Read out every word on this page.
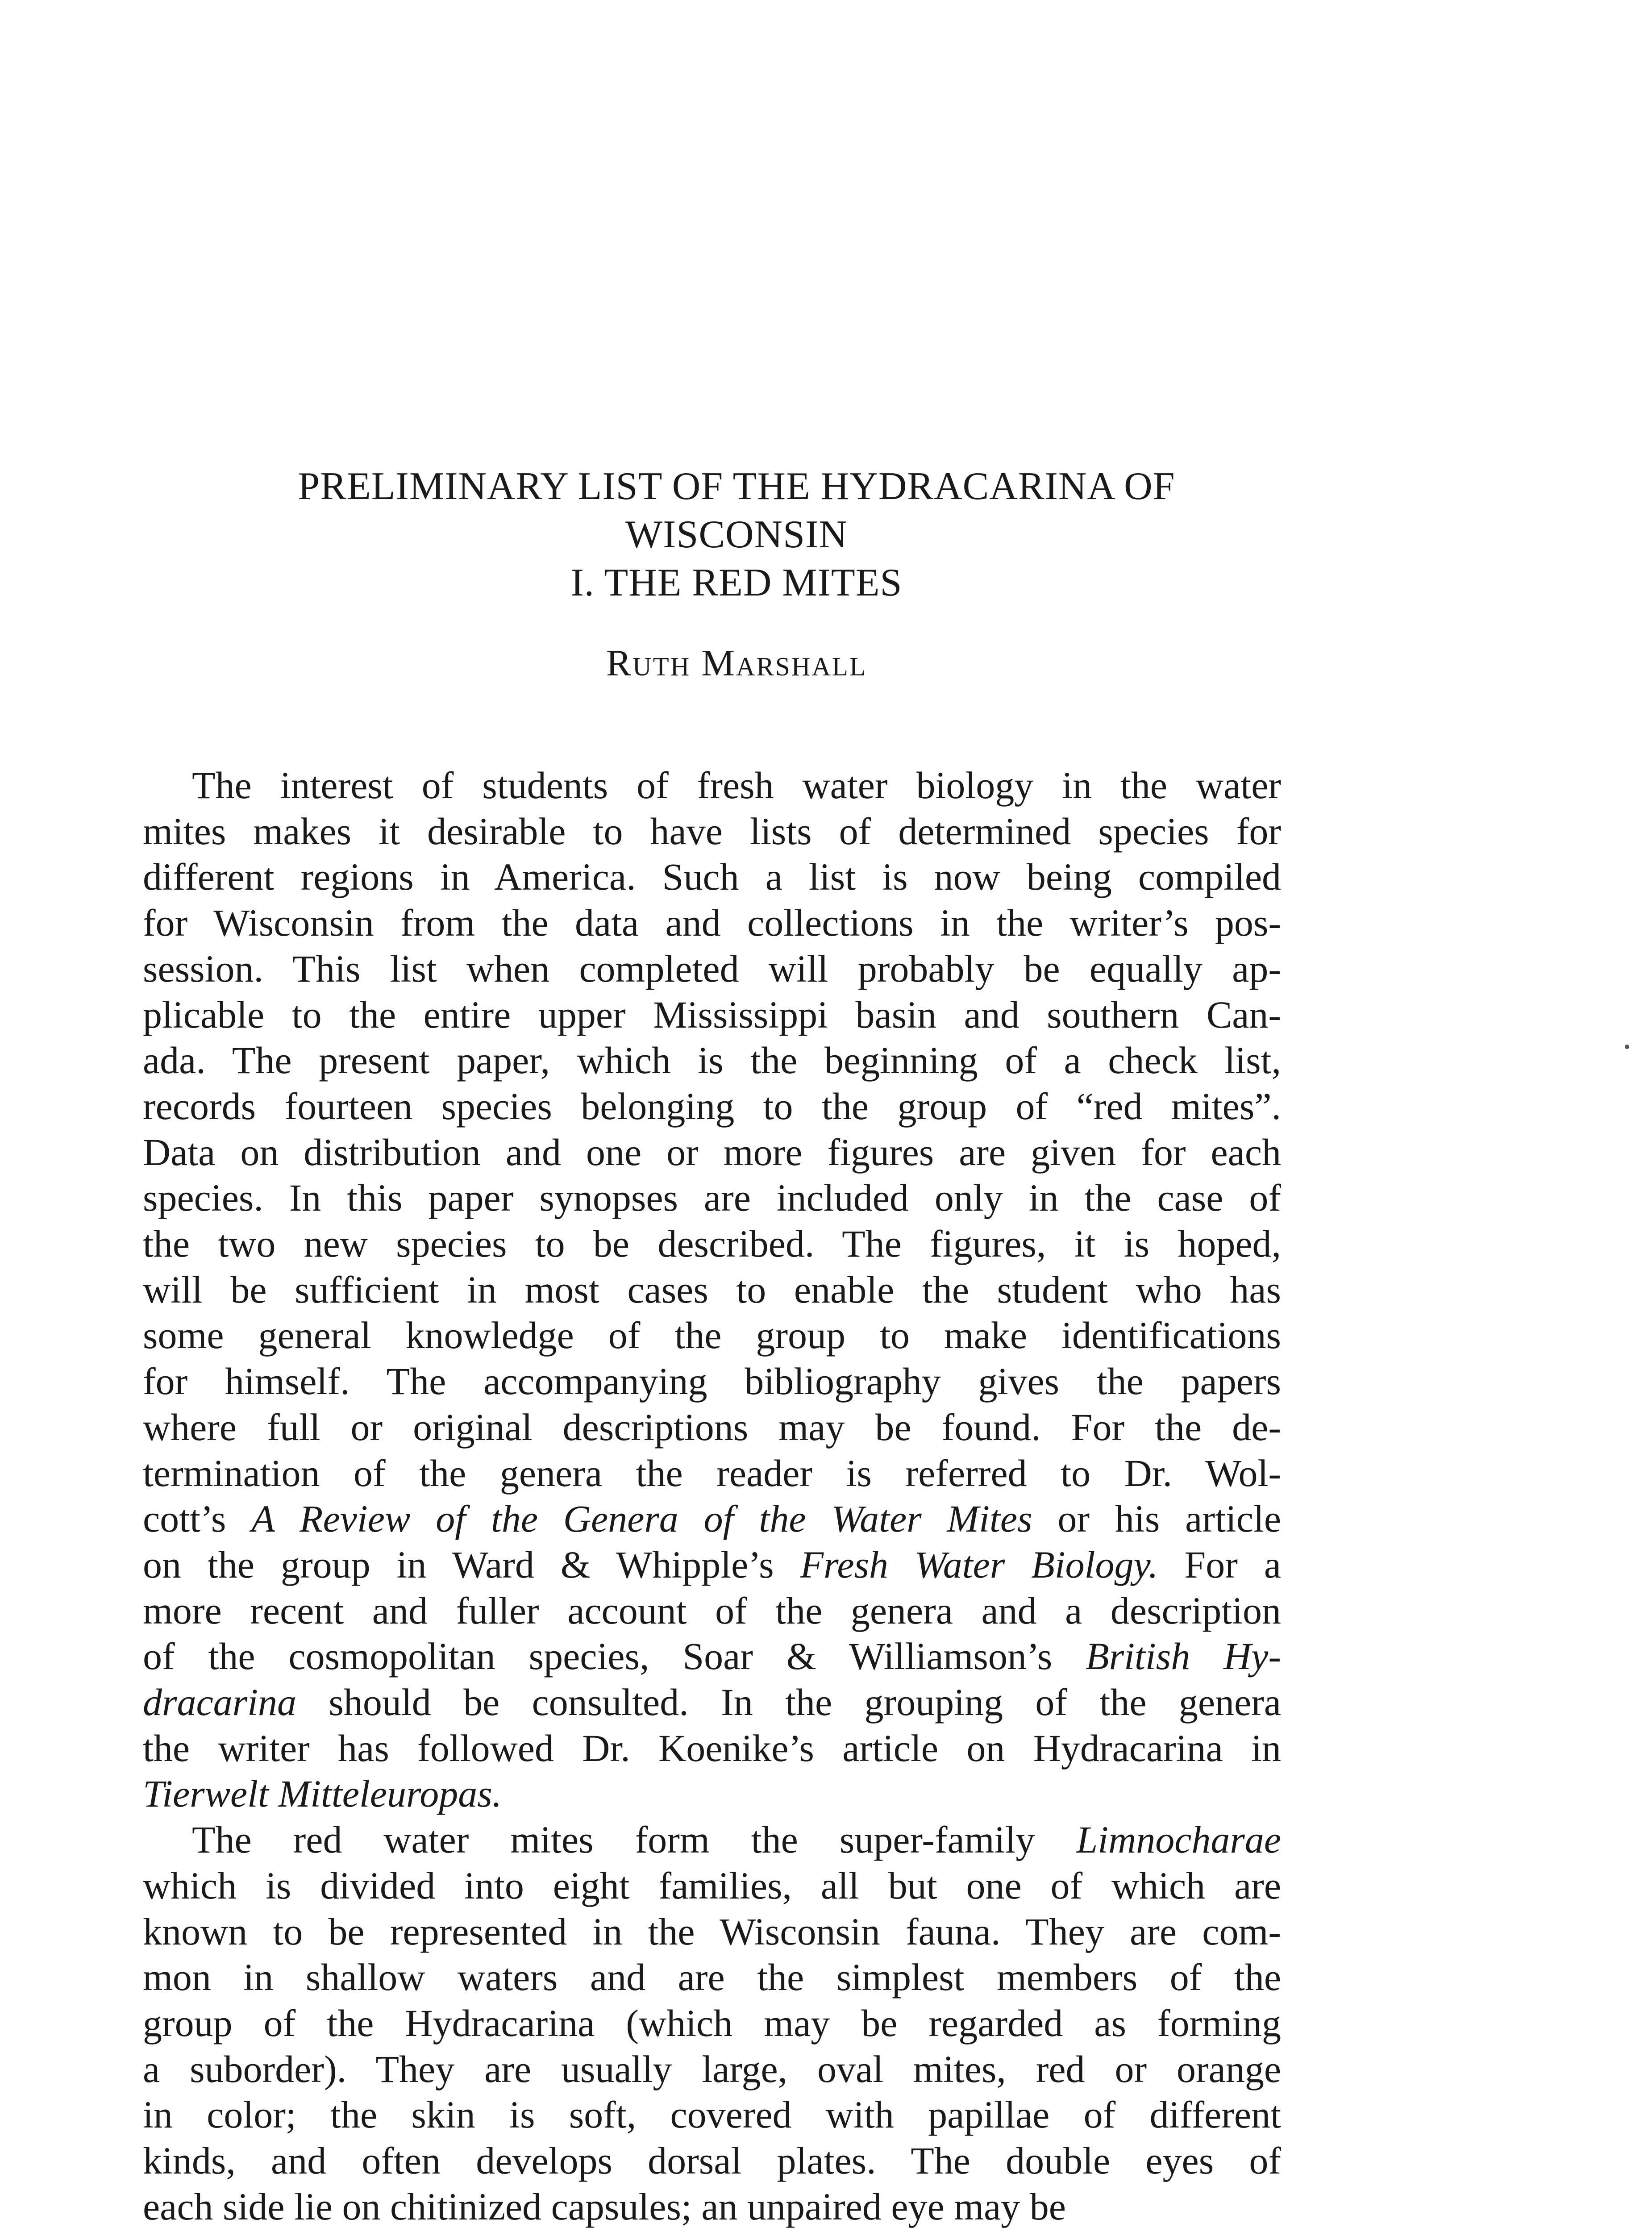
PRELIMINARY LIST OF THE HYDRACARINA OF
WISCONSIN
I. THE RED MITES
Ruth Marshall
The interest of students of fresh water biology in the water
mites makes it desirable to have lists of determined species for
different regions in America. Such a list is now being compiled
for Wisconsin from the data and collections in the writer’s pos-
session. This list when completed will probably be equally ap-
plicable to the entire upper Mississippi basin and southern Can-
ada. The present paper, which is the beginning of a check list,
records fourteen species belonging to the group of “red mites”.
Data on distribution and one or more figures are given for each
species. In this paper synopses are included only in the case of
the two new species to be described. The figures, it is hoped,
will be sufficient in most cases to enable the student who has
some general knowledge of the group to make identifications
for himself. The accompanying bibliography gives the papers
where full or original descriptions may be found. For the de-
termination of the genera the reader is referred to Dr. Wol-
cott’s A Review of the Genera of the Water Mites or his article
on the group in Ward & Whipple’s Fresh Water Biology. For a
more recent and fuller account of the genera and a description
of the cosmopolitan species, Soar & Williamson’s British Hy-
dracarina should be consulted. In the grouping of the genera
the writer has followed Dr. Koenike’s article on Hydracarina in
Tierwelt Mitteleuropas.
The red water mites form the super-family Limnocharae
which is divided into eight families, all but one of which are
known to be represented in the Wisconsin fauna. They are com-
mon in shallow waters and are the simplest members of the
group of the Hydracarina (which may be regarded as forming
a suborder). They are usually large, oval mites, red or orange
in color; the skin is soft, covered with papillae of different
kinds, and often develops dorsal plates. The double eyes of
each side lie on chitinized capsules; an unpaired eye may be
